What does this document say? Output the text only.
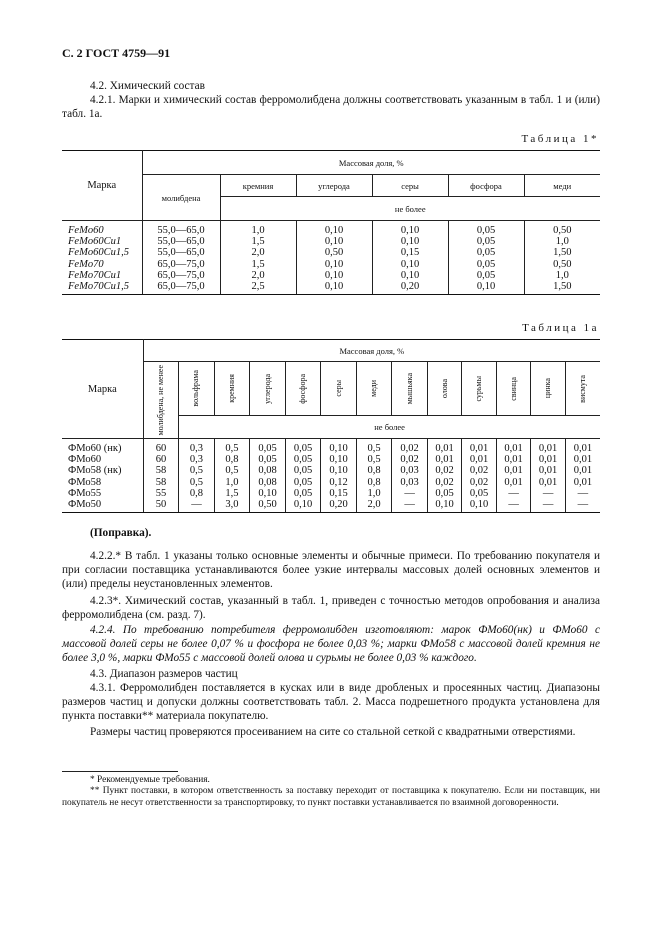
С. 2 ГОСТ 4759—91
4.2. Химический состав
4.2.1. Марки и химический состав ферромолибдена должны соответствовать указанным в табл. 1 и (или) табл. 1а.
Таблица 1*
Марка	Массовая доля, %					
	молибдена	кремния	углерода	серы	фосфора	меди
		не более				
FeMo60	55,0—65,0	1,0	0,10	0,10	0,05	0,50
FeMo60Cu1	55,0—65,0	1,5	0,10	0,10	0,05	1,0
FeMo60Cu1,5	55,0—65,0	2,0	0,50	0,15	0,05	1,50
FeMo70	65,0—75,0	1,5	0,10	0,10	0,05	0,50
FeMo70Cu1	65,0—75,0	2,0	0,10	0,10	0,05	1,0
FeMo70Cu1,5	65,0—75,0	2,5	0,10	0,20	0,10	1,50
Таблица 1а
Марка	Массовая доля, %												

	молибдена, не менее	вольфрама	кремния	углерода	фосфора	серы	меди	мышьяка	олова	сурьмы	свинца	цинка	висмута

		не более											
ФМо60 (нк)	60	0,3	0,5	0,05	0,05	0,10	0,5	0,02	0,01	0,01	0,01	0,01	0,01
ФМо60	60	0,3	0,8	0,05	0,05	0,10	0,5	0,02	0,01	0,01	0,01	0,01	0,01
ФМо58 (нк)	58	0,5	0,5	0,08	0,05	0,10	0,8	0,03	0,02	0,02	0,01	0,01	0,01
ФМо58	58	0,5	1,0	0,08	0,05	0,12	0,8	0,03	0,02	0,02	0,01	0,01	0,01
ФМо55	55	0,8	1,5	0,10	0,05	0,15	1,0	—	0,05	0,05	—	—	—
ФМо50	50	—	3,0	0,50	0,10	0,20	2,0	—	0,10	0,10	—	—	—
(Поправка).
4.2.2.* В табл. 1 указаны только основные элементы и обычные примеси. По требованию покупателя и при согласии поставщика устанавливаются более узкие интервалы массовых долей основных элементов и (или) пределы неустановленных элементов.
4.2.3*. Химический состав, указанный в табл. 1, приведен с точностью методов опробования и анализа ферромолибдена (см. разд. 7).
4.2.4. По требованию потребителя ферромолибден изготовляют: марок ФМо60(нк) и ФМо60 с массовой долей серы не более 0,07 % и фосфора не более 0,03 %; марки ФМо58 с массовой долей кремния не более 3,0 %, марки ФМо55 с массовой долей олова и сурьмы не более 0,03 % каждого.
4.3. Диапазон размеров частиц
4.3.1. Ферромолибден поставляется в кусках или в виде дробленых и просеянных частиц. Диапазоны размеров частиц и допуски должны соответствовать табл. 2. Масса подрешетного продукта установлена для пункта поставки** материала покупателю.
Размеры частиц проверяются просеиванием на сите со стальной сеткой с квадратными отверстиями.
* Рекомендуемые требования.
** Пункт поставки, в котором ответственность за поставку переходит от поставщика к покупателю. Если ни поставщик, ни покупатель не несут ответственности за транспортировку, то пункт поставки устанавливается по взаимной договоренности.
